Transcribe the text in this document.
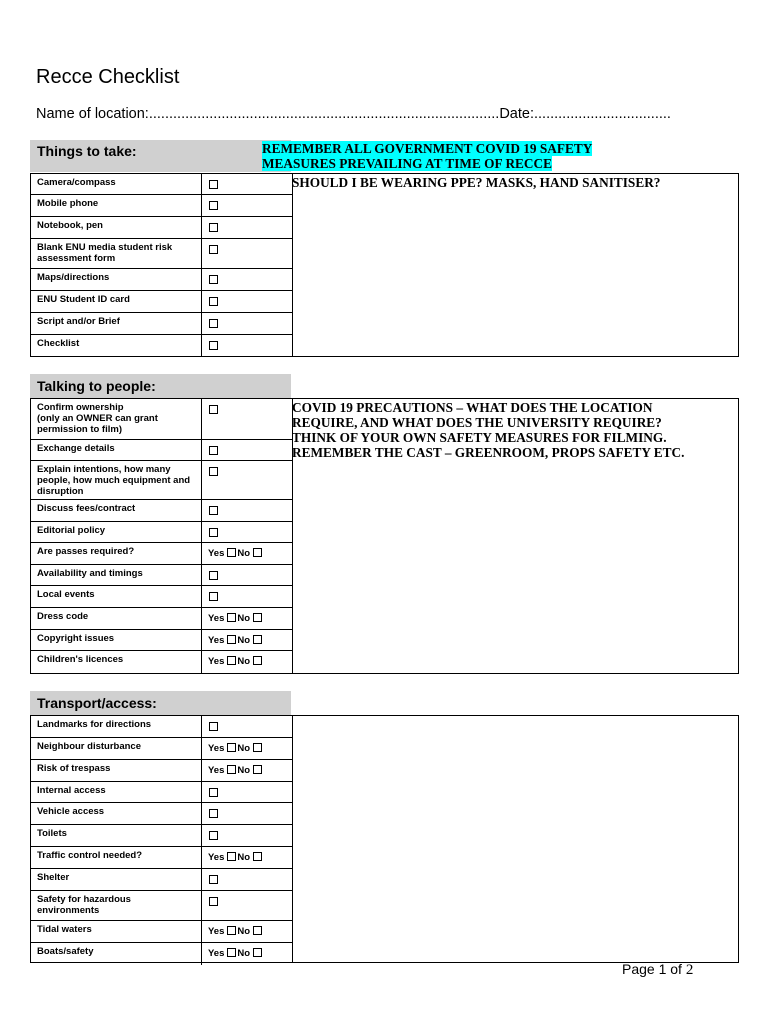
Recce Checklist
Name of location:.......................................................................................Date:..................................
Things to take:	REMEMBER ALL GOVERNMENT COVID 19 SAFETY
MEASURES PREVAILING AT TIME OF RECCE
Camera/compass
Mobile phone
Notebook, pen
Blank ENU media student risk assessment form
Maps/directions
ENU Student ID card
Script and/or Brief
Checklist
SHOULD I BE WEARING PPE? MASKS, HAND SANITISER?
Talking to people:
Confirm ownership
(only an OWNER can grant permission to film)
Exchange details
Explain intentions, how many people, how much equipment and disruption
Discuss fees/contract
Editorial policy
Are passes required?	Yes No
Availability and timings
Local events
Dress code	Yes No
Copyright issues	Yes No
Children's licences	Yes No
COVID 19 PRECAUTIONS – WHAT DOES THE LOCATION
REQUIRE, AND WHAT DOES THE UNIVERSITY REQUIRE?
THINK OF YOUR OWN SAFETY MEASURES FOR FILMING.
REMEMBER THE CAST – GREENROOM, PROPS SAFETY ETC.
Transport/access:
Landmarks for directions
Neighbour disturbance	Yes No
Risk of trespass	Yes No
Internal access
Vehicle access
Toilets
Traffic control needed?	Yes No
Shelter
Safety for hazardous environments
Tidal waters	Yes No
Boats/safety	Yes No
Page 1 of 2
